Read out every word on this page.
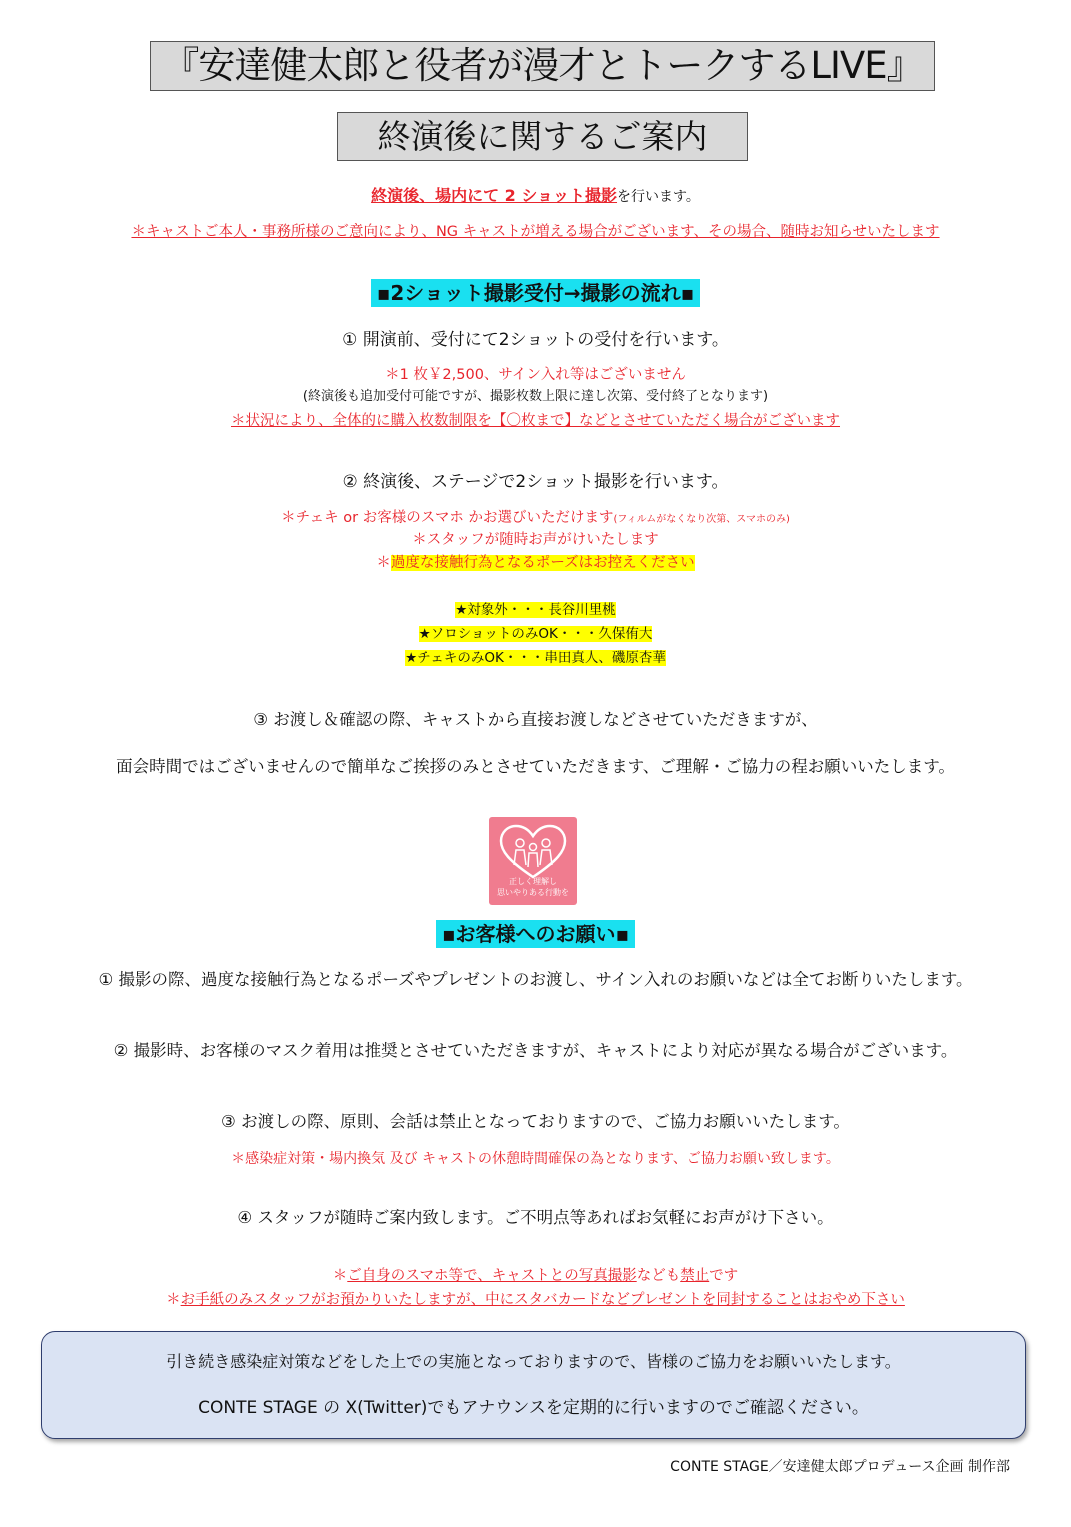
『安達健太郎と役者が漫才とトークするLIVE』
終演後に関するご案内
終演後、場内にて 2 ショット撮影を行います。
＊キャストご本人・事務所様のご意向により、NG キャストが増える場合がございます、その場合、随時お知らせいたします
▪2ショット撮影受付→撮影の流れ▪
① 開演前、受付にて2ショットの受付を行います。
＊1 枚￥2,500、サイン入れ等はございません
(終演後も追加受付可能ですが、撮影枚数上限に達し次第、受付終了となります)
＊状況により、全体的に購入枚数制限を【〇枚まで】などとさせていただく場合がございます
② 終演後、ステージで2ショット撮影を行います。
＊チェキ or お客様のスマホ かお選びいただけます(フィルムがなくなり次第、スマホのみ)
＊スタッフが随時お声がけいたします
＊過度な接触行為となるポーズはお控えください
★対象外・・・長谷川里桃
★ソロショットのみOK・・・久保侑大
★チェキのみOK・・・串田真人、磯原杏華
③ お渡し＆確認の際、キャストから直接お渡しなどさせていただきますが、
面会時間ではございませんので簡単なご挨拶のみとさせていただきます、ご理解・ご協力の程お願いいたします。
正しく理解し
思いやりある行動を
▪お客様へのお願い▪
① 撮影の際、過度な接触行為となるポーズやプレゼントのお渡し、サイン入れのお願いなどは全てお断りいたします。
② 撮影時、お客様のマスク着用は推奨とさせていただきますが、キャストにより対応が異なる場合がございます。
③ お渡しの際、原則、会話は禁止となっておりますので、ご協力お願いいたします。
＊感染症対策・場内換気 及び キャストの休憩時間確保の為となります、ご協力お願い致します。
④ スタッフが随時ご案内致します。ご不明点等あればお気軽にお声がけ下さい。
＊ご自身のスマホ等で、キャストとの写真撮影なども禁止です
＊お手紙のみスタッフがお預かりいたしますが、中にスタバカードなどプレゼントを同封することはおやめ下さい
引き続き感染症対策などをした上での実施となっておりますので、皆様のご協力をお願いいたします。
CONTE STAGE の X(Twitter)でもアナウンスを定期的に行いますのでご確認ください。
CONTE STAGE／安達健太郎プロデュース企画 制作部
